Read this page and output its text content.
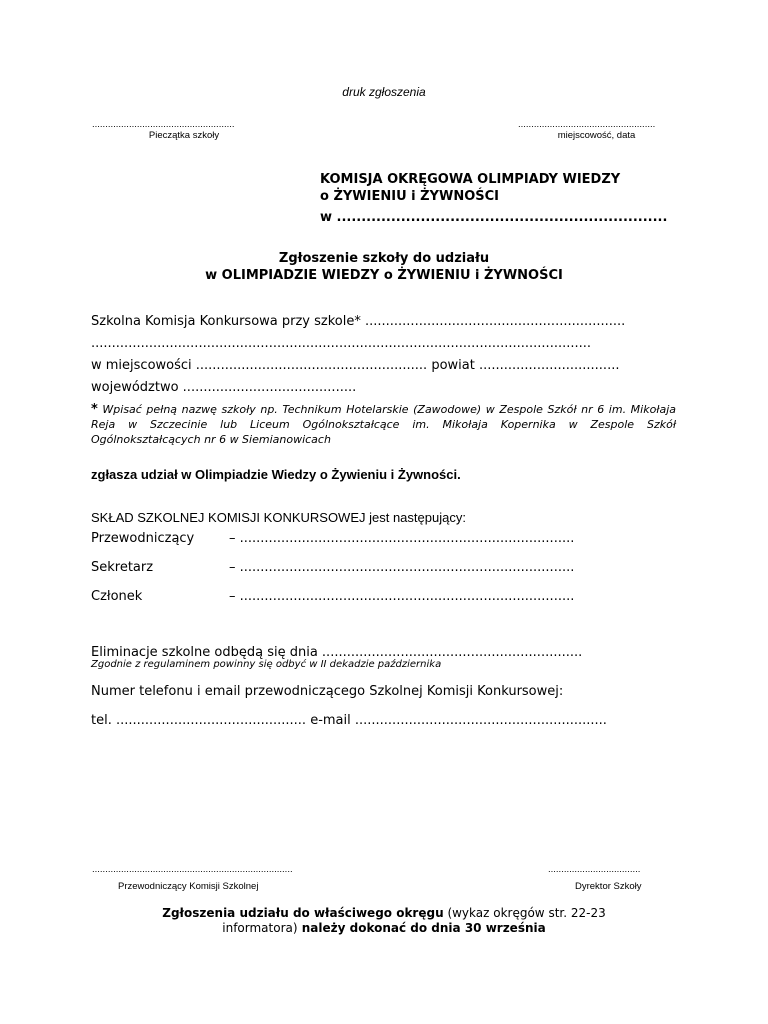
druk zgłoszenia
......................................................
Pieczątka szkoły
....................................................
miejscowość, data
KOMISJA OKRĘGOWA OLIMPIADY WIEDZY
o ŻYWIENIU i ŻYWNOŚCI
w ...................................................................
Zgłoszenie szkoły do udziału
w OLIMPIADZIE WIEDZY o ŻYWIENIU i ŻYWNOŚCI
Szkolna Komisja Konkursowa przy szkole* ...............................................................
.........................................................................................................................
w miejscowości ........................................................ powiat ..................................
województwo ..........................................
* Wpisać pełną nazwę szkoły np. Technikum Hotelarskie (Zawodowe) w Zespole Szkół nr 6 im. Mikołaja Reja w Szczecinie lub Liceum Ogólnokształcące im. Mikołaja Kopernika w Zespole Szkół Ogólnokształcących nr 6 w Siemianowicach
zgłasza udział w Olimpiadzie Wiedzy o Żywieniu i Żywności.
SKŁAD SZKOLNEJ KOMISJI KONKURSOWEJ jest następujący:
Przewodniczący	– .................................................................................
Sekretarz	– .................................................................................
Członek	– .................................................................................
Eliminacje szkolne odbędą się dnia ...............................................................
Zgodnie z regulaminem powinny się odbyć w II dekadzie października
Numer telefonu i email przewodniczącego Szkolnej Komisji Konkursowej:
tel. .............................................. e-mail .............................................................
............................................................................
Przewodniczący Komisji Szkolnej
...................................
Dyrektor Szkoły
Zgłoszenia udziału do właściwego okręgu (wykaz okręgów str. 22-23 informatora) należy dokonać do dnia 30 września
